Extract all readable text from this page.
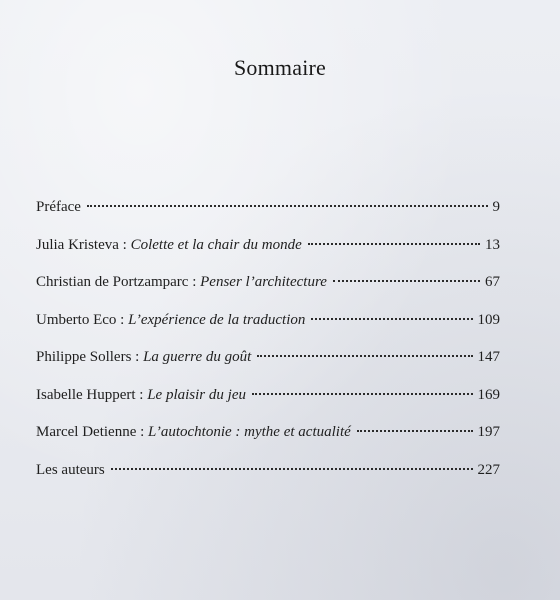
Sommaire
Préface	9
Julia Kristeva : Colette et la chair du monde	13
Christian de Portzamparc : Penser l’architecture	67
Umberto Eco : L’expérience de la traduction	109
Philippe Sollers : La guerre du goût	147
Isabelle Huppert : Le plaisir du jeu	169
Marcel Detienne : L’autochtonie : mythe et actualité	197
Les auteurs	227
